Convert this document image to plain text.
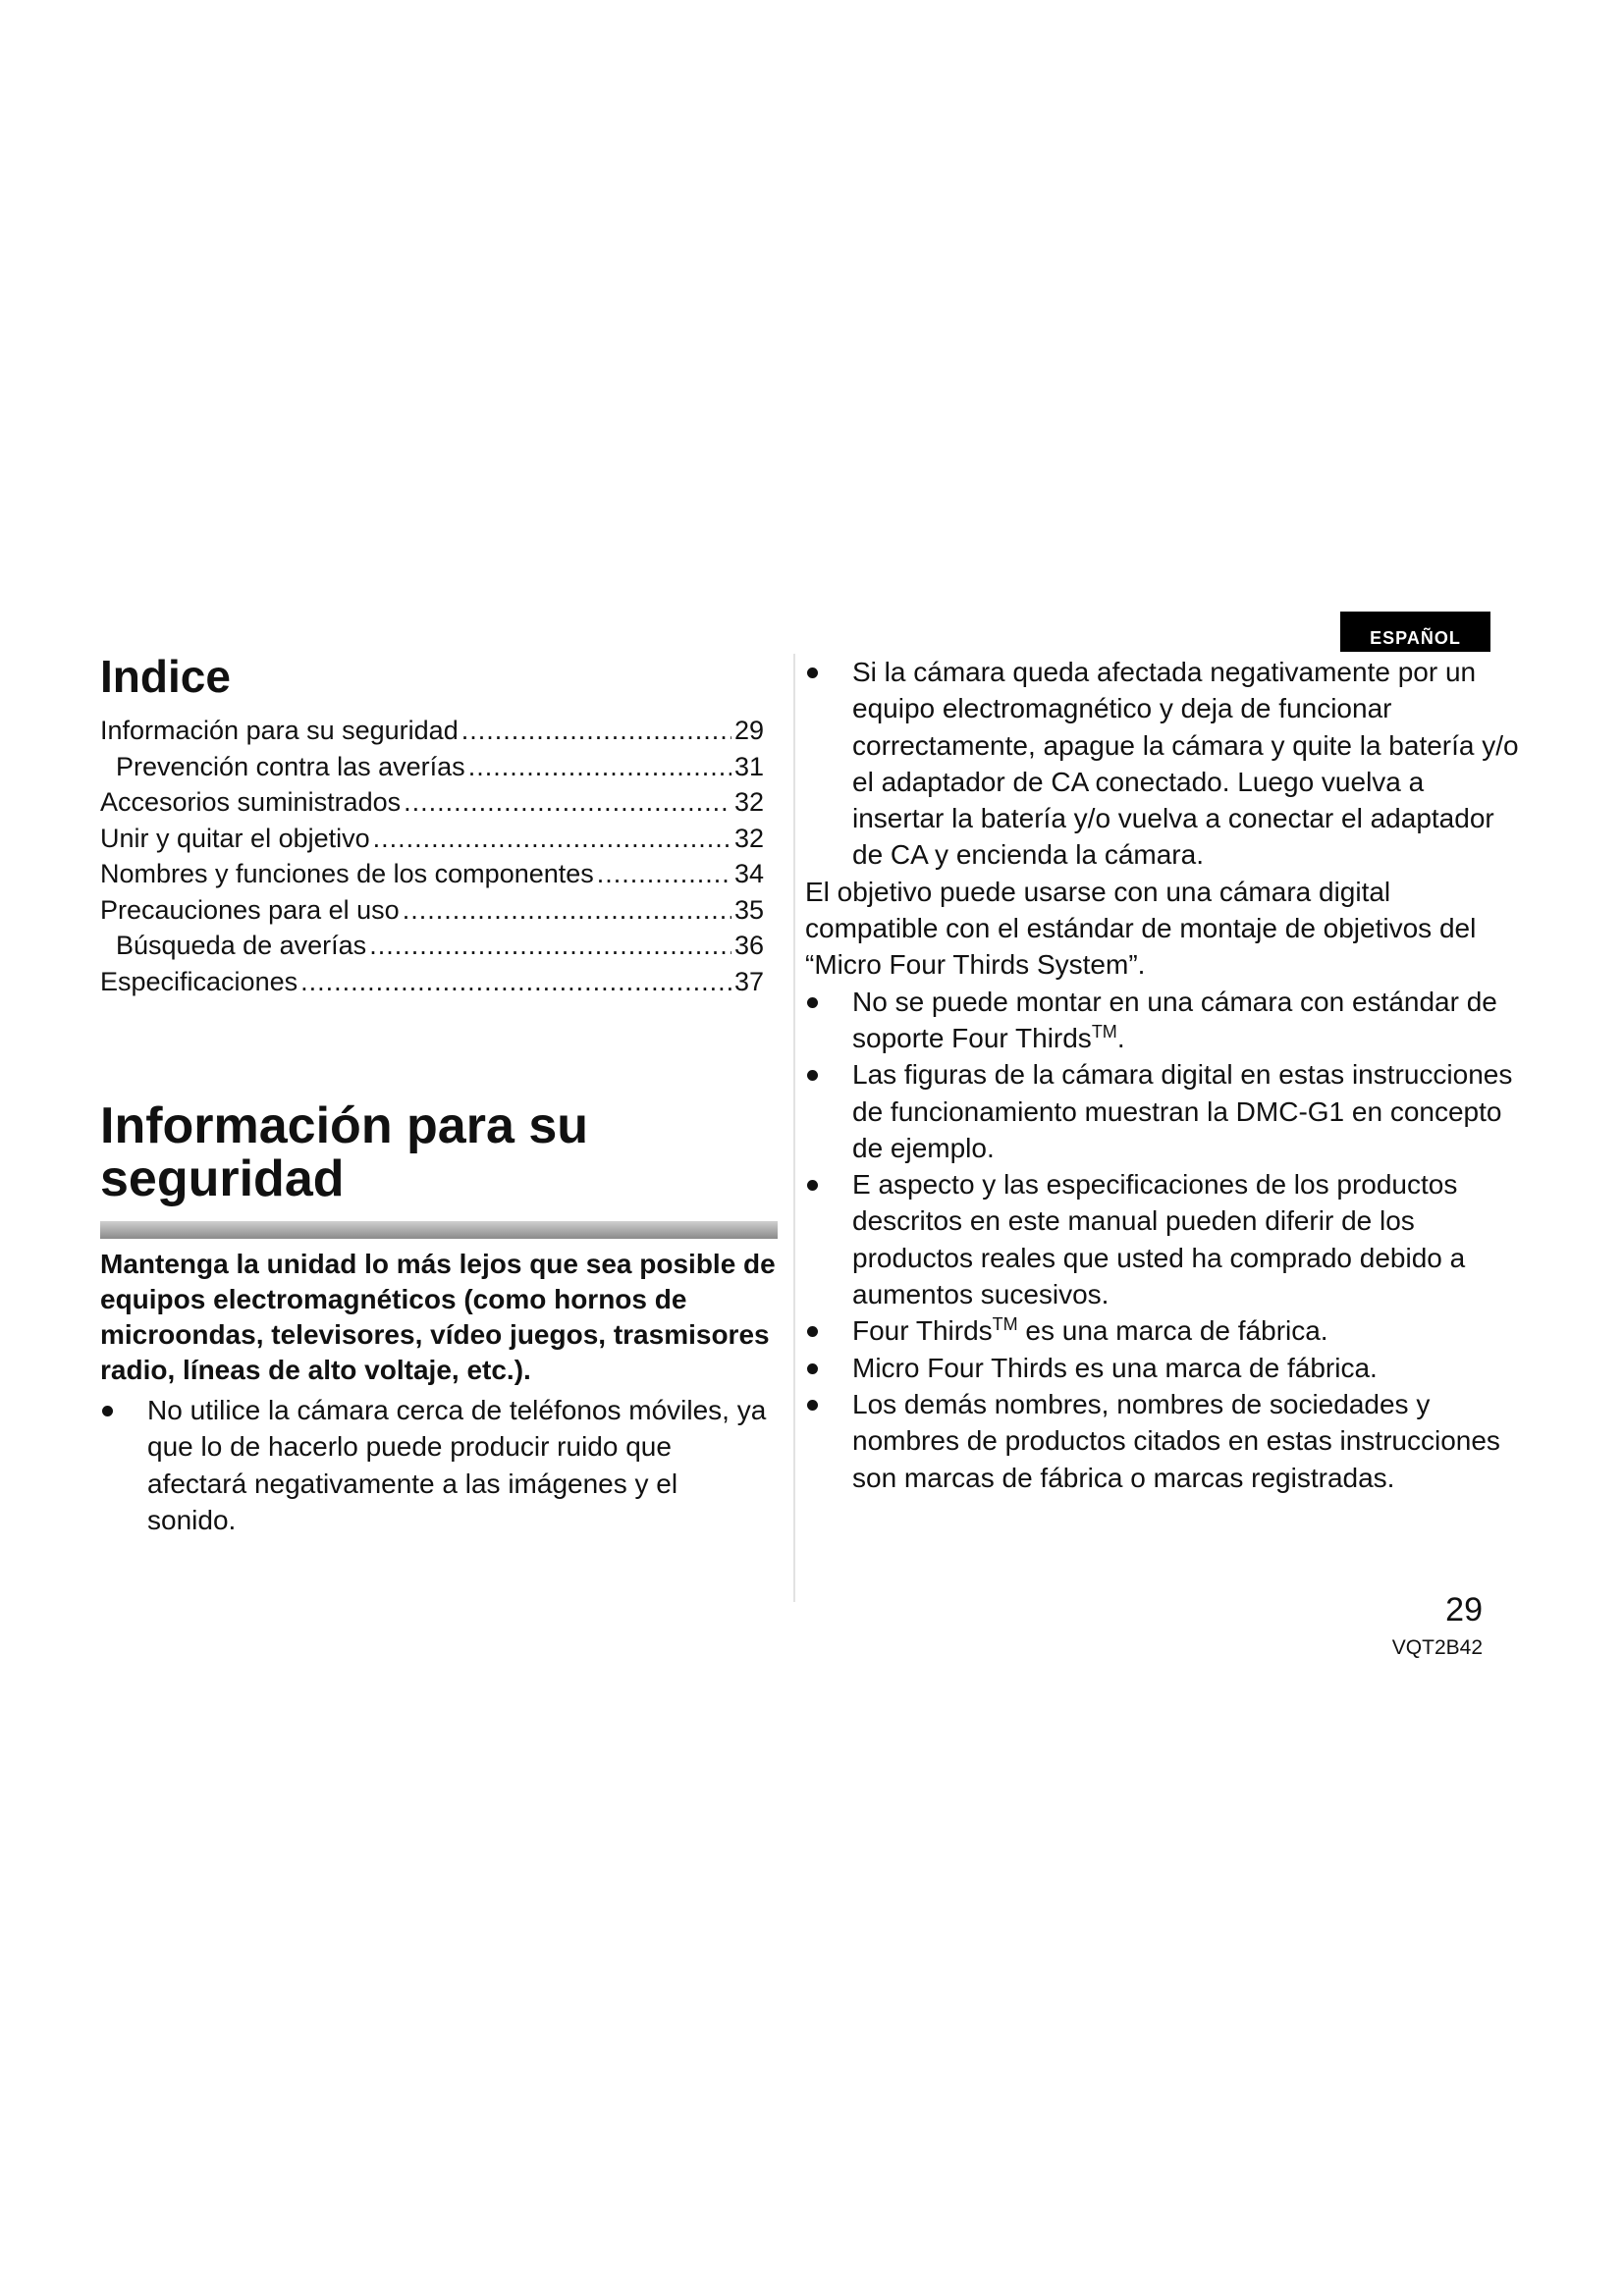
ESPAÑOL
Indice
Información para su seguridad .....	29
Prevención contra las averías .....	31
Accesorios suministrados .....	32
Unir y quitar el objetivo .....	32
Nombres y funciones de los componentes .....	34
Precauciones para el uso .....	35
Búsqueda de averías .....	36
Especificaciones .....	37
Información para su
seguridad

Mantenga la unidad lo más lejos que sea posible de equipos electromagnéticos (como hornos de microondas, televisores, vídeo juegos, trasmisores radio, líneas de alto voltaje, etc.).

No utilice la cámara cerca de teléfonos móviles, ya que lo de hacerlo puede producir ruido que afectará negativamente a las imágenes y el sonido.

Si la cámara queda afectada negativamente por un equipo electromagnético y deja de funcionar correctamente, apague la cámara y quite la batería y/o el adaptador de CA conectado. Luego vuelva a insertar la batería y/o vuelva a conectar el adaptador de CA y encienda la cámara.

El objetivo puede usarse con una cámara digital compatible con el estándar de montaje de objetivos del “Micro Four Thirds System”.

No se puede montar en una cámara con estándar de soporte Four Thirds™.

Las figuras de la cámara digital en estas instrucciones de funcionamiento muestran la DMC-G1 en concepto de ejemplo.

E aspecto y las especificaciones de los productos descritos en este manual pueden diferir de los productos reales que usted ha comprado debido a aumentos sucesivos.

Four Thirds™ es una marca de fábrica.

Micro Four Thirds es una marca de fábrica.

Los demás nombres, nombres de sociedades y nombres de productos citados en estas instrucciones son marcas de fábrica o marcas registradas.

29
VQT2B42
